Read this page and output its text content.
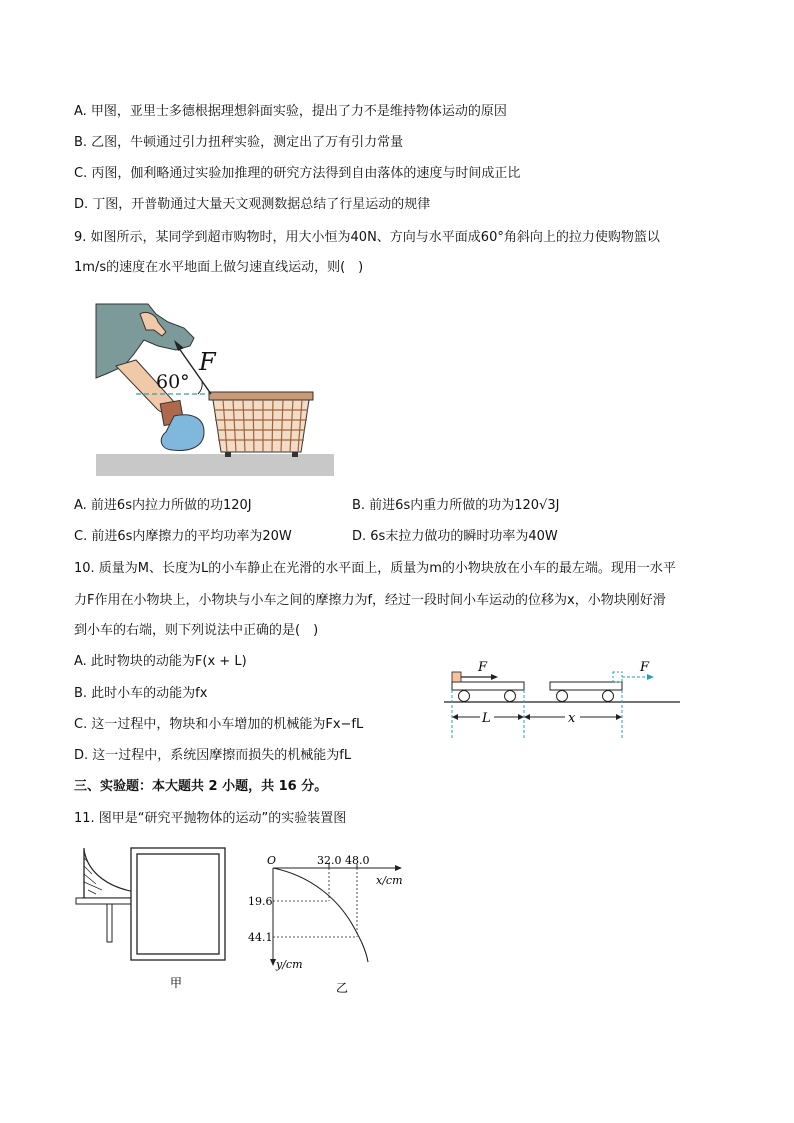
A. 甲图，亚里士多德根据理想斜面实验，提出了力不是维持物体运动的原因
B. 乙图，牛顿通过引力扭秤实验，测定出了万有引力常量
C. 丙图，伽利略通过实验加推理的研究方法得到自由落体的速度与时间成正比
D. 丁图，开普勒通过大量天文观测数据总结了行星运动的规律
9. 如图所示，某同学到超市购物时，用大小恒为40N、方向与水平面成60°角斜向上的拉力使购物篮以
1m/s的速度在水平地面上做匀速直线运动，则(　)
60°
F
A. 前进6s内拉力所做的功120J	B. 前进6s内重力所做的功为120√3J
C. 前进6s内摩擦力的平均功率为20W	D. 6s末拉力做功的瞬时功率为40W
10. 质量为M、长度为L的小车静止在光滑的水平面上，质量为m的小物块放在小车的最左端。现用一水平
力F作用在小物块上，小物块与小车之间的摩擦力为f，经过一段时间小车运动的位移为x，小物块刚好滑
到小车的右端，则下列说法中正确的是(　)
A. 此时物块的动能为F(x + L)
B. 此时小车的动能为fx
C. 这一过程中，物块和小车增加的机械能为Fx−fL
D. 这一过程中，系统因摩擦而损失的机械能为fL
F	F
L	x
三、实验题：本大题共 2 小题，共 16 分。
11. 图甲是“研究平抛物体的运动”的实验装置图
甲
O
x/cm
y/cm
32.0 48.0
19.6
44.1
乙
